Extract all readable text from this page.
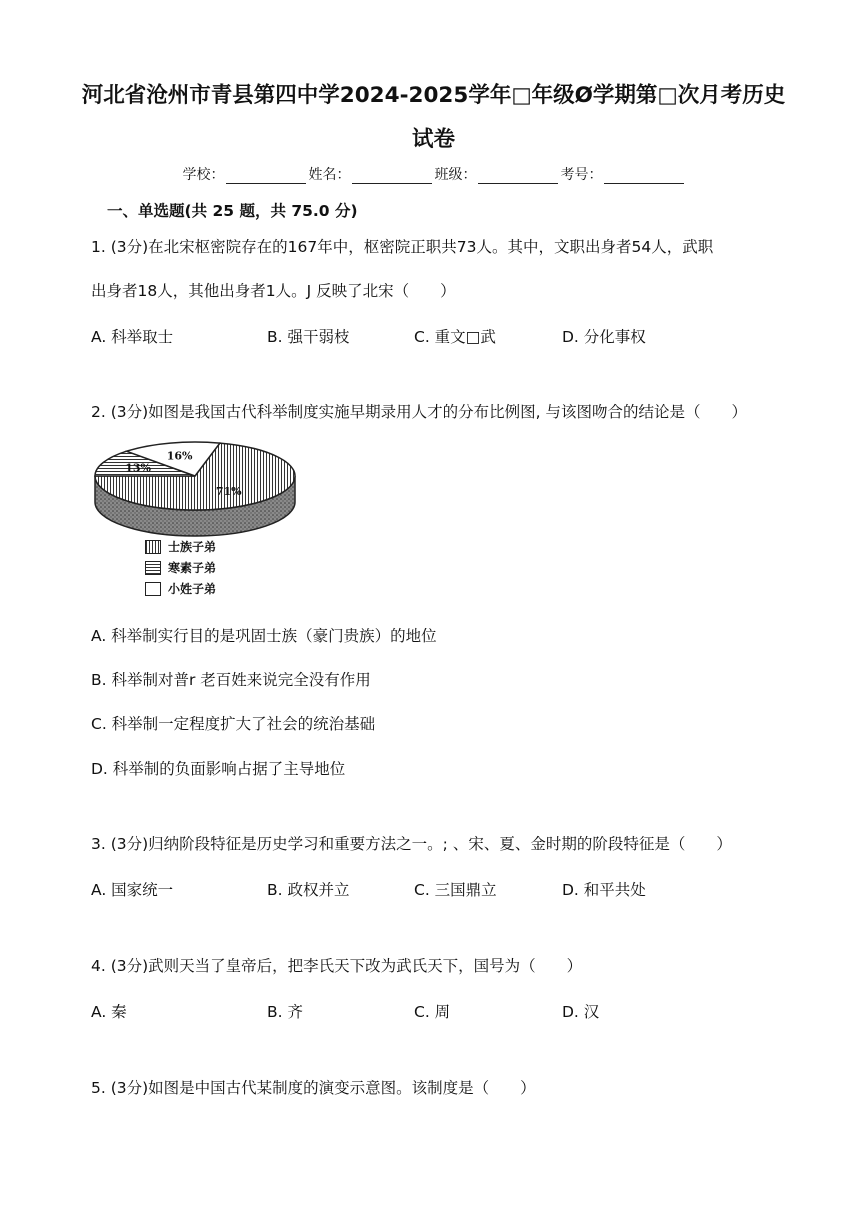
河北省沧州市青县第四中学2024-2025学年□年级Ø学期第□次月考历史
试卷
学校：	姓名：	班级：	考号：
一、单选题(共 25 题，共 75.0 分)
1. (3分)在北宋枢密院存在的167年中，枢密院正职共73人。其中，文职出身者54人，武职
出身者18人，其他出身者1人。J 反映了北宋（　　）
A. 科举取士	B. 强干弱枝	C. 重文□武	D. 分化事权
2. (3分)如图是我国古代科举制度实施早期录用人才的分布比例图, 与该图吻合的结论是（　　）
71%
13%
16%
士族子弟
寒素子弟
小姓子弟
A. 科举制实行目的是巩固士族（豪门贵族）的地位
B. 科举制对普r 老百姓来说完全没有作用
C. 科举制一定程度扩大了社会的统治基础
D. 科举制的负面影响占据了主导地位
3. (3分)归纳阶段特征是历史学习和重要方法之一。; 、宋、夏、金时期的阶段特征是（　　）
A. 国家统一	B. 政权并立	C. 三国鼎立	D. 和平共处
4. (3分)武则天当了皇帝后，把李氏天下改为武氏天下，国号为（　　）
A. 秦	B. 齐	C. 周	D. 汉
5. (3分)如图是中国古代某制度的演变示意图。该制度是（　　）
